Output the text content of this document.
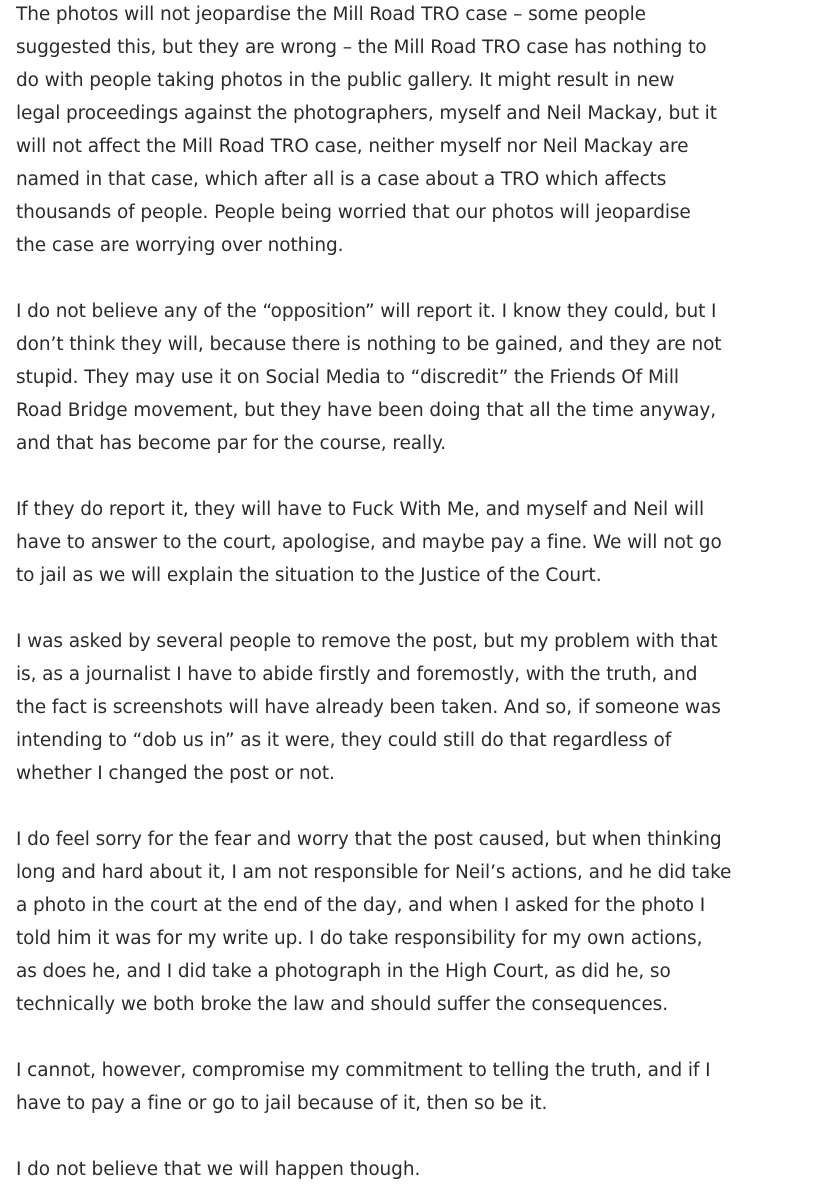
The photos will not jeopardise the Mill Road TRO case – some people
suggested this, but they are wrong – the Mill Road TRO case has nothing to
do with people taking photos in the public gallery. It might result in new
legal proceedings against the photographers, myself and Neil Mackay, but it
will not affect the Mill Road TRO case, neither myself nor Neil Mackay are
named in that case, which after all is a case about a TRO which affects
thousands of people. People being worried that our photos will jeopardise
the case are worrying over nothing.
I do not believe any of the “opposition” will report it. I know they could, but I
don’t think they will, because there is nothing to be gained, and they are not
stupid. They may use it on Social Media to “discredit” the Friends Of Mill
Road Bridge movement, but they have been doing that all the time anyway,
and that has become par for the course, really.
If they do report it, they will have to Fuck With Me, and myself and Neil will
have to answer to the court, apologise, and maybe pay a fine. We will not go
to jail as we will explain the situation to the Justice of the Court.
I was asked by several people to remove the post, but my problem with that
is, as a journalist I have to abide firstly and foremostly, with the truth, and
the fact is screenshots will have already been taken. And so, if someone was
intending to “dob us in” as it were, they could still do that regardless of
whether I changed the post or not.
I do feel sorry for the fear and worry that the post caused, but when thinking
long and hard about it, I am not responsible for Neil’s actions, and he did take
a photo in the court at the end of the day, and when I asked for the photo I
told him it was for my write up. I do take responsibility for my own actions,
as does he, and I did take a photograph in the High Court, as did he, so
technically we both broke the law and should suffer the consequences.
I cannot, however, compromise my commitment to telling the truth, and if I
have to pay a fine or go to jail because of it, then so be it.
I do not believe that we will happen though.
